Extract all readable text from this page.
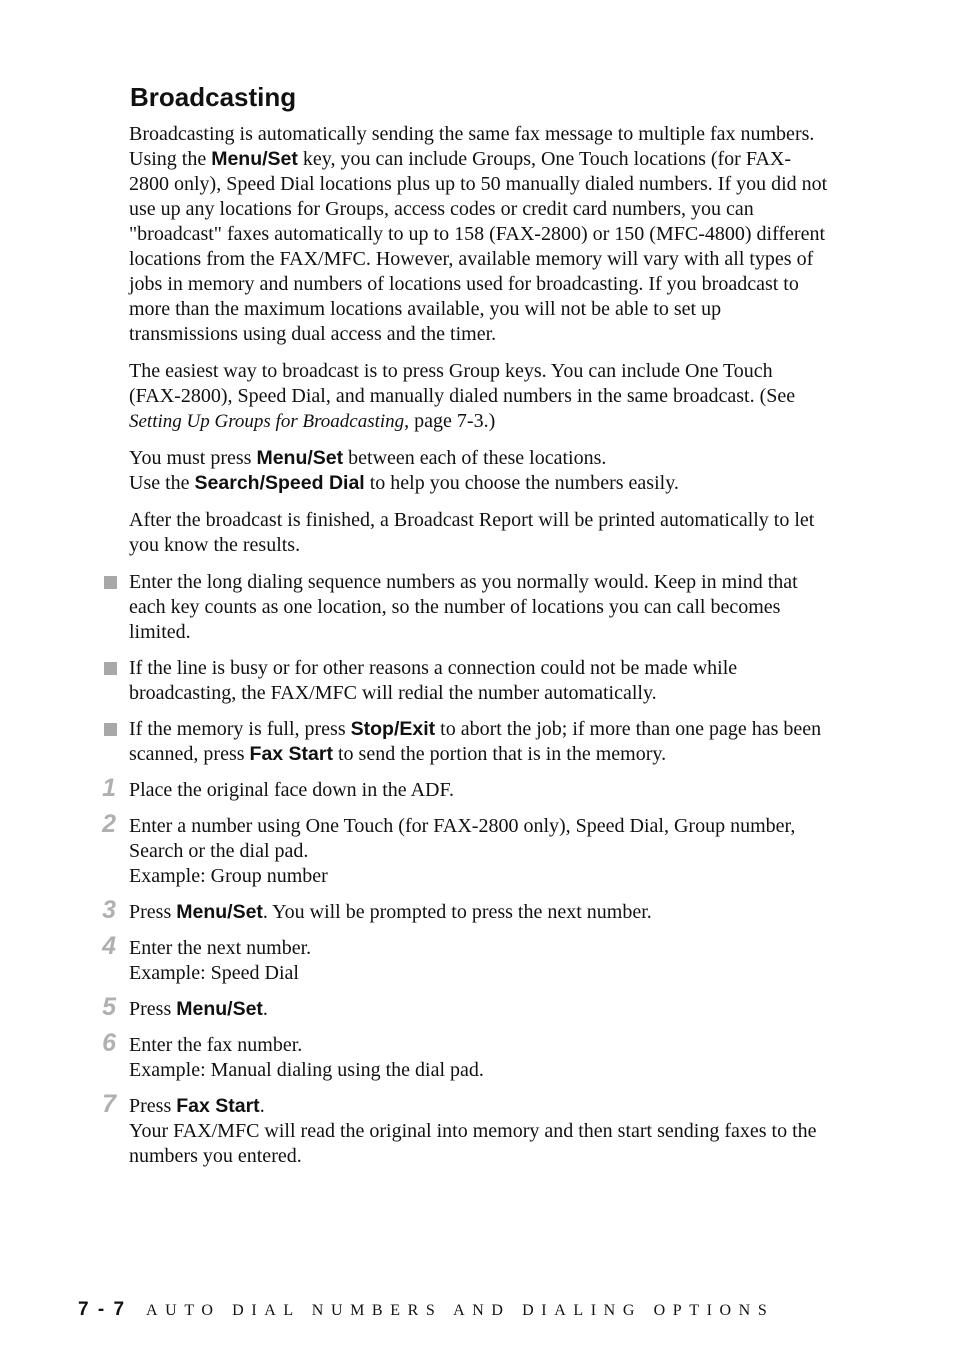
Broadcasting

Broadcasting is automatically sending the same fax message to multiple fax numbers. Using the Menu/Set key, you can include Groups, One Touch locations (for FAX-2800 only), Speed Dial locations plus up to 50 manually dialed numbers. If you did not use up any locations for Groups, access codes or credit card numbers, you can "broadcast" faxes automatically to up to 158 (FAX-2800) or 150 (MFC-4800) different locations from the FAX/MFC. However, available memory will vary with all types of jobs in memory and numbers of locations used for broadcasting. If you broadcast to more than the maximum locations available, you will not be able to set up transmissions using dual access and the timer.

The easiest way to broadcast is to press Group keys. You can include One Touch (FAX-2800), Speed Dial, and manually dialed numbers in the same broadcast. (See Setting Up Groups for Broadcasting, page 7-3.)

You must press Menu/Set between each of these locations.
Use the Search/Speed Dial to help you choose the numbers easily.

After the broadcast is finished, a Broadcast Report will be printed automatically to let you know the results.

Enter the long dialing sequence numbers as you normally would. Keep in mind that each key counts as one location, so the number of locations you can call becomes limited.
If the line is busy or for other reasons a connection could not be made while broadcasting, the FAX/MFC will redial the number automatically.
If the memory is full, press Stop/Exit to abort the job; if more than one page has been scanned, press Fax Start to send the portion that is in the memory.
1 Place the original face down in the ADF.
2 Enter a number using One Touch (for FAX-2800 only), Speed Dial, Group number, Search or the dial pad.
Example: Group number
3 Press Menu/Set. You will be prompted to press the next number.
4 Enter the next number.
Example: Speed Dial
5 Press Menu/Set.
6 Enter the fax number.
Example: Manual dialing using the dial pad.
7 Press Fax Start.
Your FAX/MFC will read the original into memory and then start sending faxes to the numbers you entered.
7 - 7 AUTO DIAL NUMBERS AND DIALING OPTIONS
